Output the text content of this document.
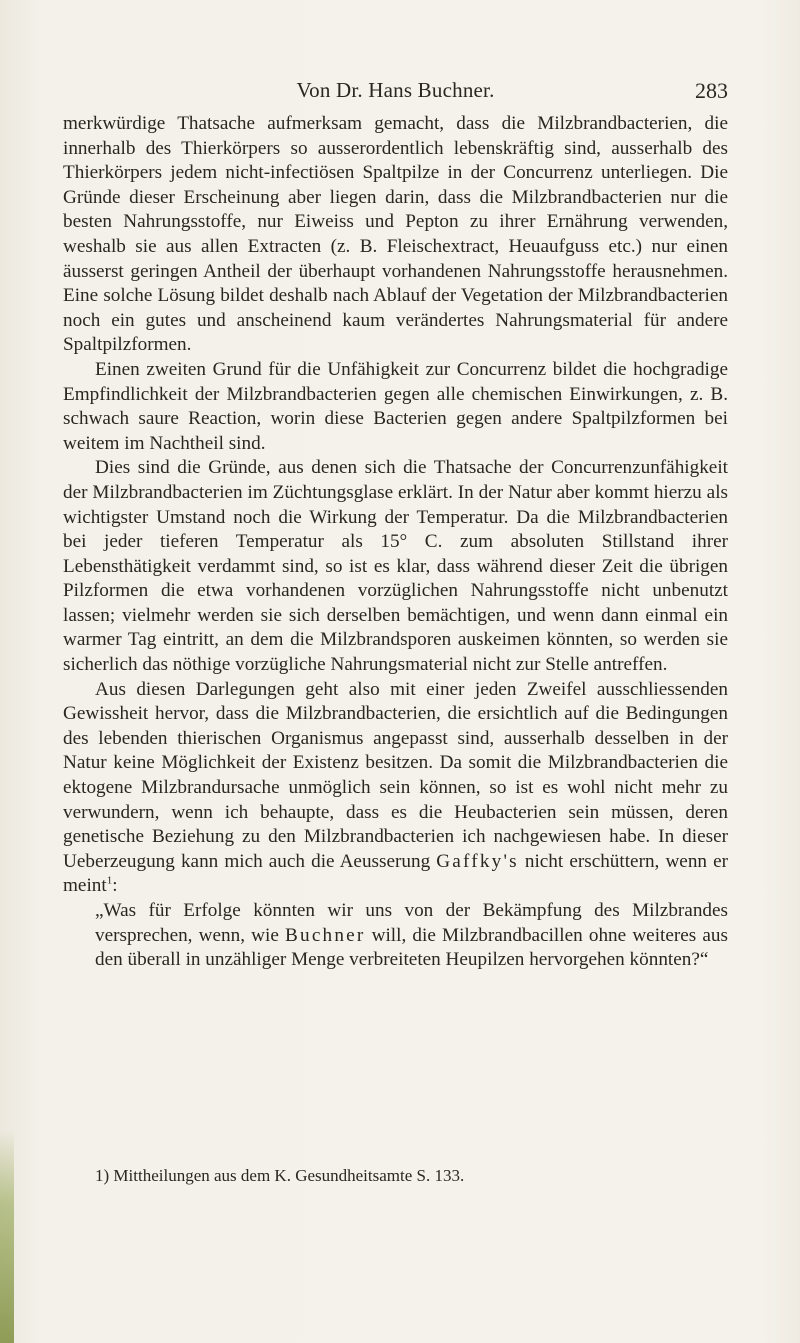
Von Dr. Hans Buchner.	283

merkwürdige Thatsache aufmerksam gemacht, dass die Milzbrandbacterien, die innerhalb des Thierkörpers so ausserordentlich lebenskräftig sind, ausserhalb des Thierkörpers jedem nicht-infectiösen Spaltpilze in der Concurrenz unterliegen. Die Gründe dieser Erscheinung aber liegen darin, dass die Milzbrandbacterien nur die besten Nahrungsstoffe, nur Eiweiss und Pepton zu ihrer Ernährung verwenden, weshalb sie aus allen Extracten (z. B. Fleischextract, Heuaufguss etc.) nur einen äusserst geringen Antheil der überhaupt vorhandenen Nahrungsstoffe herausnehmen. Eine solche Lösung bildet deshalb nach Ablauf der Vegetation der Milzbrandbacterien noch ein gutes und anscheinend kaum verändertes Nahrungsmaterial für andere Spaltpilzformen.

Einen zweiten Grund für die Unfähigkeit zur Concurrenz bildet die hochgradige Empfindlichkeit der Milzbrandbacterien gegen alle chemischen Einwirkungen, z. B. schwach saure Reaction, worin diese Bacterien gegen andere Spaltpilzformen bei weitem im Nachtheil sind.

Dies sind die Gründe, aus denen sich die Thatsache der Concurrenzunfähigkeit der Milzbrandbacterien im Züchtungsglase erklärt. In der Natur aber kommt hierzu als wichtigster Umstand noch die Wirkung der Temperatur. Da die Milzbrandbacterien bei jeder tieferen Temperatur als 15° C. zum absoluten Stillstand ihrer Lebensthätigkeit verdammt sind, so ist es klar, dass während dieser Zeit die übrigen Pilzformen die etwa vorhandenen vorzüglichen Nahrungsstoffe nicht unbenutzt lassen; vielmehr werden sie sich derselben bemächtigen, und wenn dann einmal ein warmer Tag eintritt, an dem die Milzbrandsporen auskeimen könnten, so werden sie sicherlich das nöthige vorzügliche Nahrungsmaterial nicht zur Stelle antreffen.

Aus diesen Darlegungen geht also mit einer jeden Zweifel ausschliessenden Gewissheit hervor, dass die Milzbrandbacterien, die ersichtlich auf die Bedingungen des lebenden thierischen Organismus angepasst sind, ausserhalb desselben in der Natur keine Möglichkeit der Existenz besitzen. Da somit die Milzbrandbacterien die ektogene Milzbrandursache unmöglich sein können, so ist es wohl nicht mehr zu verwundern, wenn ich behaupte, dass es die Heubacterien sein müssen, deren genetische Beziehung zu den Milzbrandbacterien ich nachgewiesen habe. In dieser Ueberzeugung kann mich auch die Aeusserung Gaffky's nicht erschüttern, wenn er meint$^1$:

„Was für Erfolge könnten wir uns von der Bekämpfung des Milzbrandes versprechen, wenn, wie Buchner will, die Milzbrandbacillen ohne weiteres aus den überall in unzähliger Menge verbreiteten Heupilzen hervorgehen könnten?“

1) Mittheilungen aus dem K. Gesundheitsamte S. 133.
